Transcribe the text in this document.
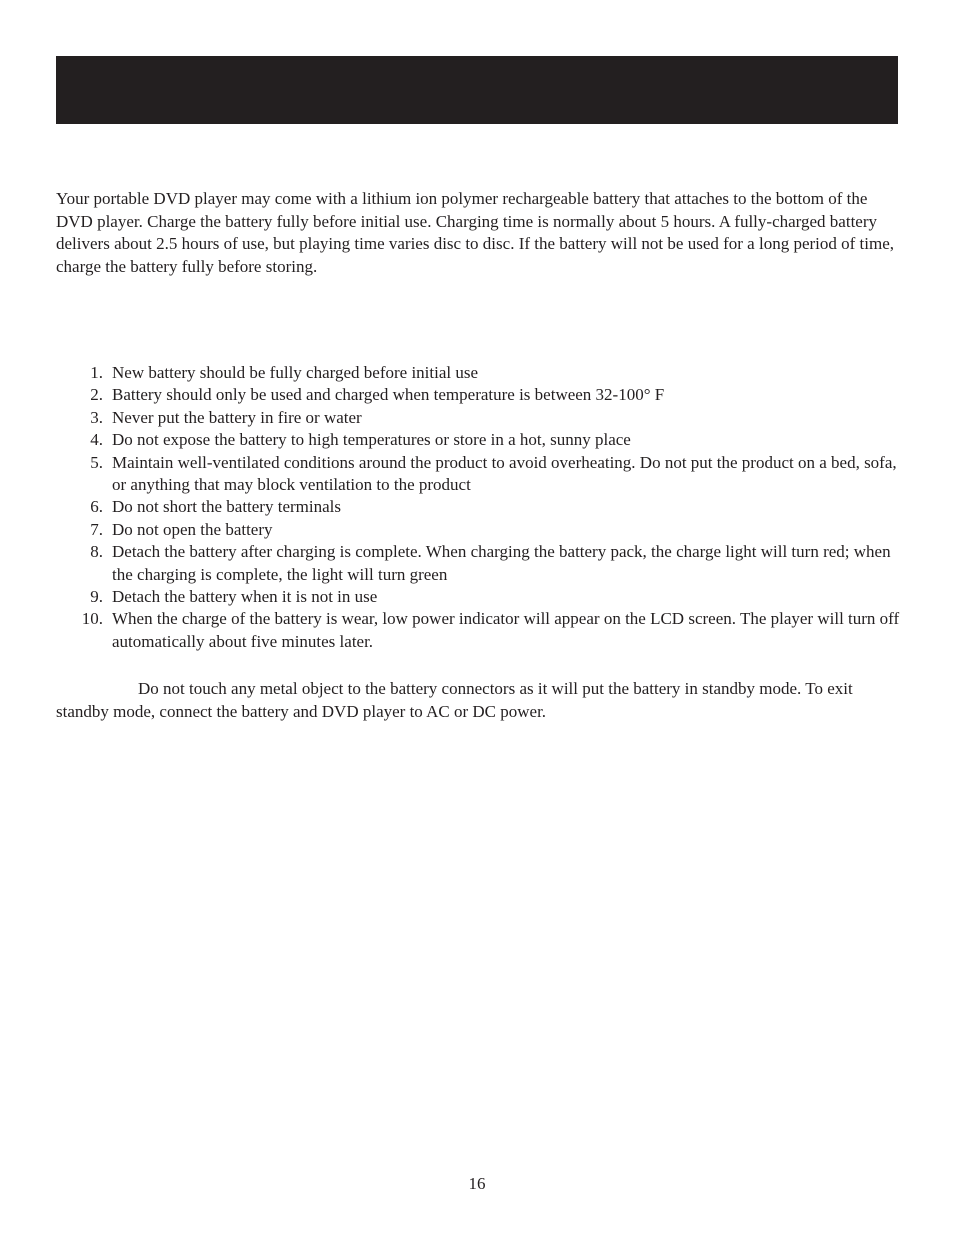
Your portable DVD player may come with a lithium ion polymer rechargeable battery that attaches to the bottom of the DVD player. Charge the battery fully before initial use. Charging time is normally about 5 hours. A fully-charged battery delivers about 2.5 hours of use, but playing time varies disc to disc. If the battery will not be used for a long period of time, charge the battery fully before storing.

1. New battery should be fully charged before initial use
2. Battery should only be used and charged when temperature is between 32-100° F
3. Never put the battery in fire or water
4. Do not expose the battery to high temperatures or store in a hot, sunny place
5. Maintain well-ventilated conditions around the product to avoid overheating. Do not put the product on a bed, sofa, or anything that may block ventilation to the product
6. Do not short the battery terminals
7. Do not open the battery
8. Detach the battery after charging is complete. When charging the battery pack, the charge light will turn red; when the charging is complete, the light will turn green
9. Detach the battery when it is not in use
10. When the charge of the battery is wear, low power indicator will appear on the LCD screen. The player will turn off automatically about five minutes later.

Do not touch any metal object to the battery connectors as it will put the battery in standby mode. To exit standby mode, connect the battery and DVD player to AC or DC power.

16
